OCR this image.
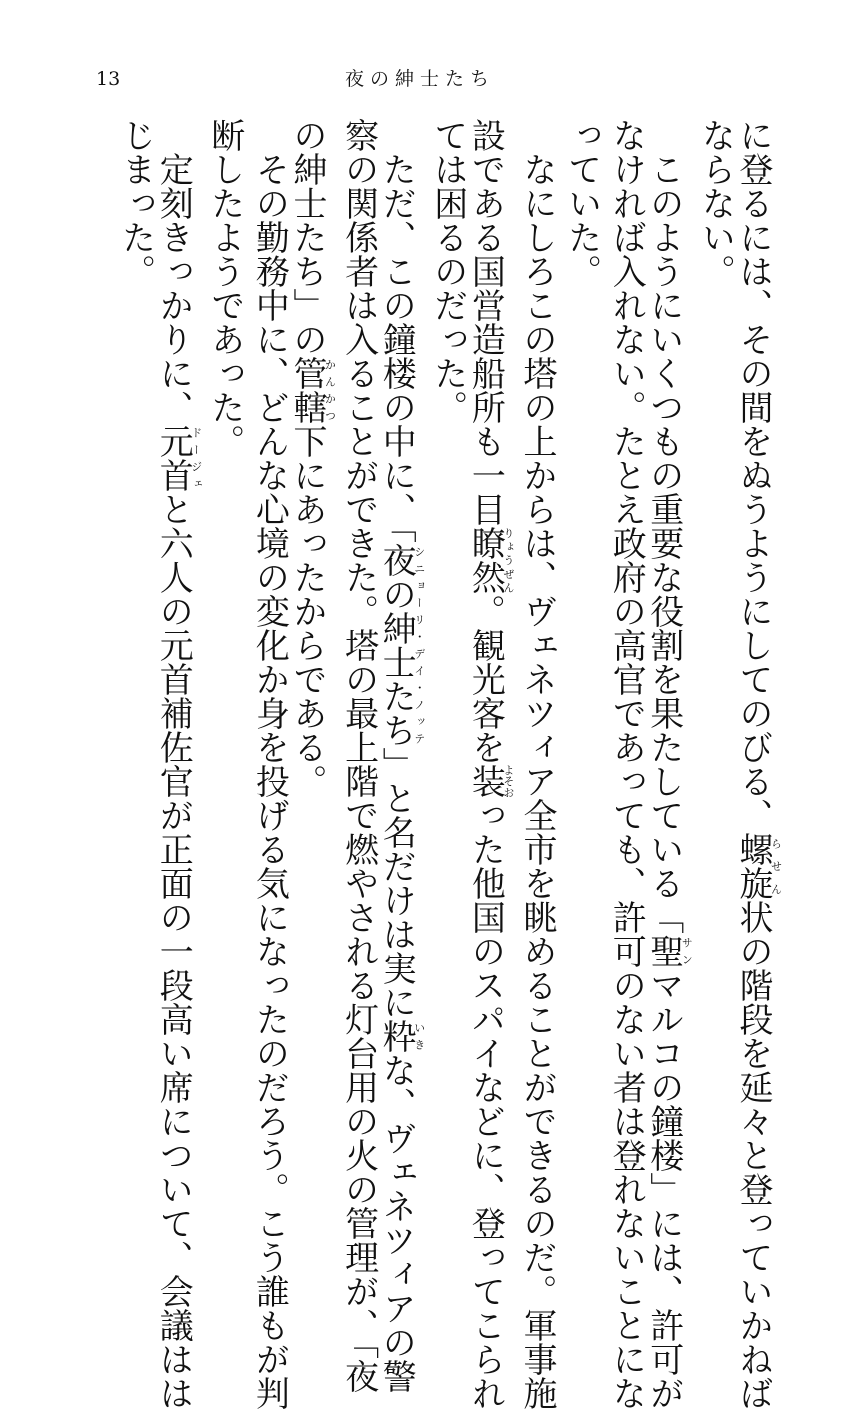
13	夜の紳士たち
に登るには、その間をぬうようにしてのびる、螺旋らせん状の階段を延々と登っていかねば
ならない。
　このようにいくつもの重要な役割を果たしている「聖サンマルコの鐘楼」には、許可が
なければ入れない。たとえ政府の高官であっても、許可のない者は登れないことにな
っていた。
　なにしろこの塔の上からは、ヴェネツィア全市を眺めることができるのだ。軍事施
設である国営造船所も一目瞭然りょうぜん。観光客を装よそおった他国のスパイなどに、登ってこられ
ては困るのだった。
　ただ、この鐘楼の中に、「夜の紳士たちシニョーリ・デイ・ノッテ」と名だけは実に粋いきな、ヴェネツィアの警
察の関係者は入ることができた。塔の最上階で燃やされる灯台用の火の管理が、「夜
の紳士たち」の管轄かんかつ下にあったからである。
　その勤務中に、どんな心境の変化か身を投げる気になったのだろう。こう誰もが判
断したようであった。
　定刻きっかりに、元首ドージェと六人の元首補佐官が正面の一段高い席について、会議はは
じまった。
